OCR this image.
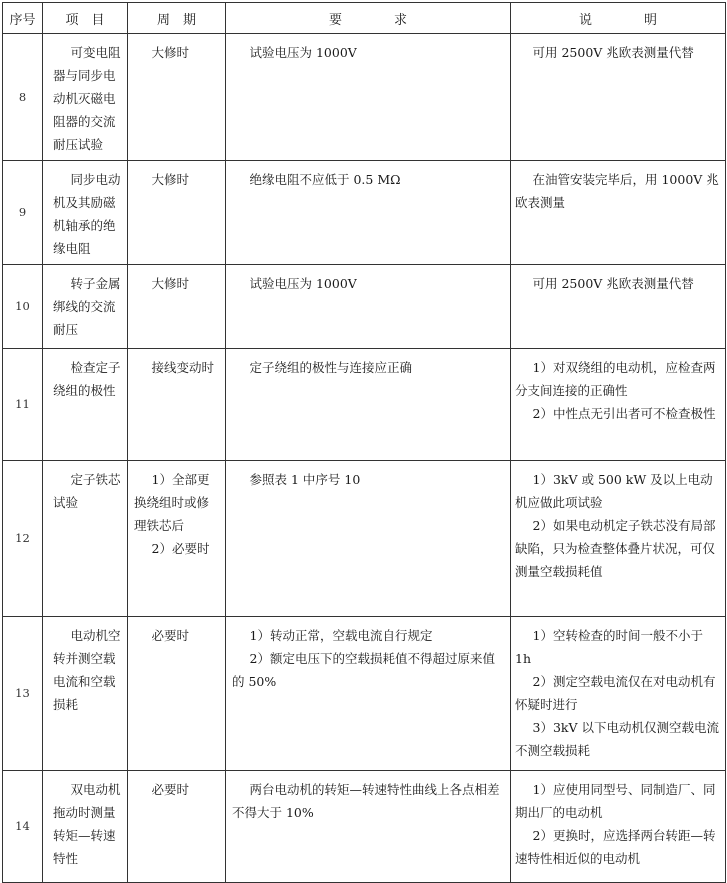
序号	项　目	周　期	要　　　　求	说　　　　明
8	可变电阻器与同步电动机灭磁电阻器的交流耐压试验	大修时	试验电压为 1000V	可用 2500V 兆欧表测量代替

9	同步电动机及其励磁机轴承的绝缘电阻	大修时	绝缘电阻不应低于 0.5 MΩ	在油管安装完毕后，用 1000V 兆欧表测量

10	转子金属绑线的交流耐压	大修时	试验电压为 1000V	可用 2500V 兆欧表测量代替

11	检查定子绕组的极性	接线变动时	定子绕组的极性与连接应正确	1）对双绕组的电动机，应检查两分支间连接的正确性
2）中性点无引出者可不检查极性

12	定子铁芯试验	1）全部更换绕组时或修理铁芯后
2）必要时	参照表 1 中序号 10	1）3kV 或 500 kW 及以上电动机应做此项试验
2）如果电动机定子铁芯没有局部缺陷，只为检查整体叠片状况，可仅测量空载损耗值

13	电动机空转并测空载电流和空载损耗	必要时	1）转动正常，空载电流自行规定
2）额定电压下的空载损耗值不得超过原来值的 50%	1）空转检查的时间一般不小于 1h
2）测定空载电流仅在对电动机有怀疑时进行
3）3kV 以下电动机仅测空载电流不测空载损耗

14	双电动机拖动时测量转矩—转速特性	必要时	两台电动机的转矩—转速特性曲线上各点相差不得大于 10%	1）应使用同型号、同制造厂、同期出厂的电动机
2）更换时，应选择两台转距—转速特性相近似的电动机
